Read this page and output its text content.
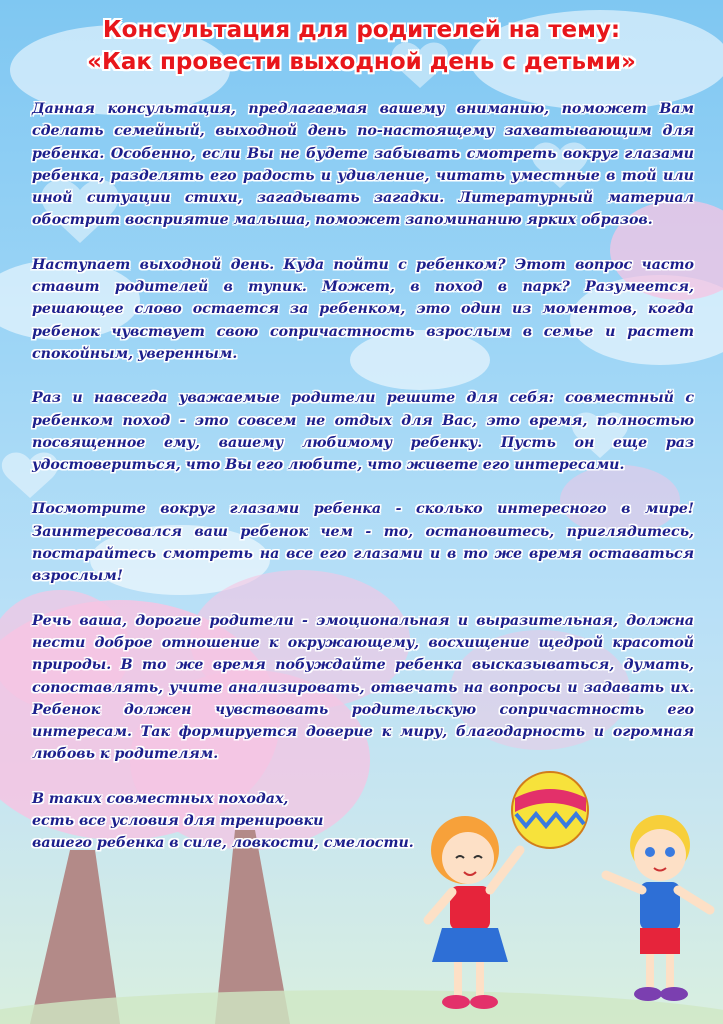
Консультация для родителей на тему:
«Как провести выходной день с детьми»

Данная консультация, предлагаемая вашему вниманию, поможет Вам сделать семейный, выходной день по-настоящему захватывающим для ребенка. Особенно, если Вы не будете забывать смотреть вокруг глазами ребенка, разделять его радость и удивление, читать уместные в той или иной ситуации стихи, загадывать загадки. Литературный материал обострит восприятие малыша, поможет запоминанию ярких образов.

Наступает выходной день. Куда пойти с ребенком? Этот вопрос часто ставит родителей в тупик. Может, в поход в парк? Разумеется, решающее слово остается за ребенком, это один из моментов, когда ребенок чувствует свою сопричастность взрослым в семье и растет спокойным, уверенным.

Раз и навсегда уважаемые родители решите для себя: совместный с ребенком поход - это совсем не отдых для Вас, это время, полностью посвященное ему, вашему любимому ребенку. Пусть он еще раз удостовериться, что Вы его любите, что живете его интересами.

Посмотрите вокруг глазами ребенка - сколько интересного в мире! Заинтересовался ваш ребенок чем - то, остановитесь, приглядитесь, постарайтесь смотреть на все его глазами и в то же время оставаться взрослым!

Речь ваша, дорогие родители - эмоциональная и выразительная, должна нести доброе отношение к окружающему, восхищение щедрой красотой природы. В то же время побуждайте ребенка высказываться, думать, сопоставлять, учите анализировать, отвечать на вопросы и задавать их. Ребенок должен чувствовать родительскую сопричастность его интересам. Так формируется доверие к миру, благодарность и огромная любовь к родителям.

В таких совместных походах,
есть все условия для тренировки
вашего ребенка в силе, ловкости, смелости.
